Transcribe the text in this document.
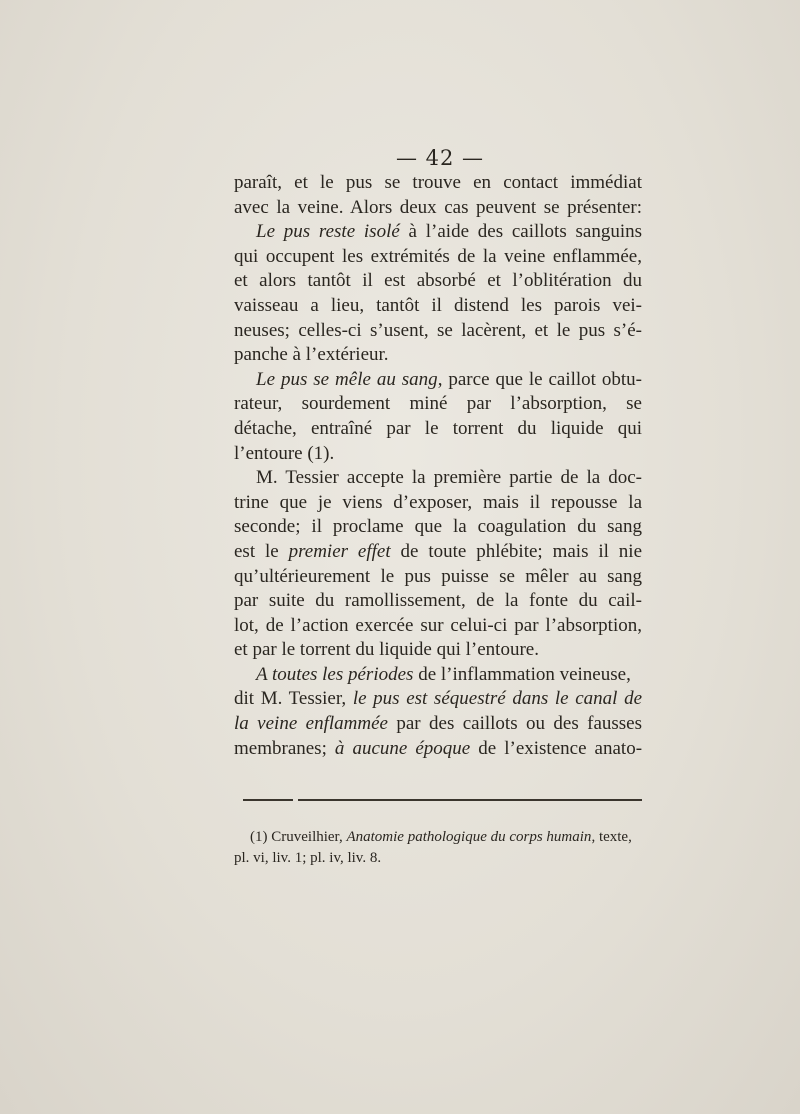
— 42 —
paraît, et le pus se trouve en contact immédiat
avec la veine. Alors deux cas peuvent se présenter:
Le pus reste isolé à l’aide des caillots sanguins
qui occupent les extrémités de la veine enflammée,
et alors tantôt il est absorbé et l’oblitération du
vaisseau a lieu, tantôt il distend les parois vei-
neuses; celles-ci s’usent, se lacèrent, et le pus s’é-
panche à l’extérieur.
Le pus se mêle au sang, parce que le caillot obtu-
rateur, sourdement miné par l’absorption, se
détache, entraîné par le torrent du liquide qui
l’entoure (1).
M. Tessier accepte la première partie de la doc-
trine que je viens d’exposer, mais il repousse la
seconde; il proclame que la coagulation du sang
est le premier effet de toute phlébite; mais il nie
qu’ultérieurement le pus puisse se mêler au sang
par suite du ramollissement, de la fonte du cail-
lot, de l’action exercée sur celui-ci par l’absorption,
et par le torrent du liquide qui l’entoure.
A toutes les périodes de l’inflammation veineuse,
dit M. Tessier, le pus est séquestré dans le canal de
la veine enflammée par des caillots ou des fausses
membranes; à aucune époque de l’existence anato-
(1) Cruveilhier, Anatomie pathologique du corps humain, texte,
pl. vi, liv. 1; pl. iv, liv. 8.
